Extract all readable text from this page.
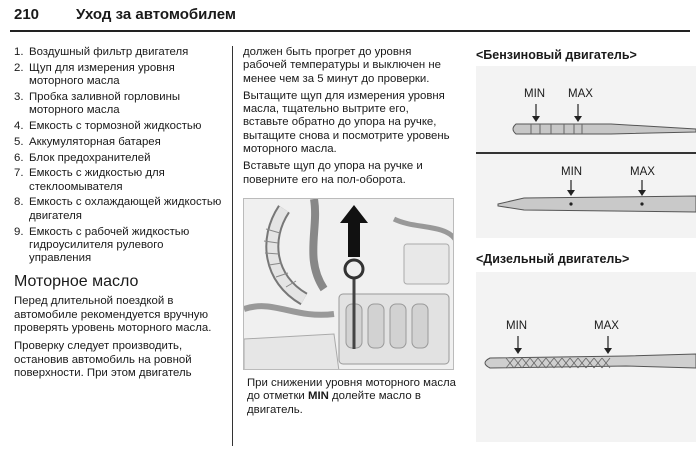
210 Уход за автомобилем
1. Воздушный фильтр двигателя
2. Щуп для измерения уровня моторного масла
3. Пробка заливной горловины моторного масла
4. Емкость с тормозной жидкостью
5. Аккумуляторная батарея
6. Блок предохранителей
7. Емкость с жидкостью для стеклоомывателя
8. Емкость с охлаждающей жидкостью двигателя
9. Емкость с рабочей жидкостью гидроусилителя рулевого управления
Моторное масло

Перед длительной поездкой в автомобиле рекомендуется вручную проверять уровень моторного масла.

Проверку следует производить, остановив автомобиль на ровной поверхности. При этом двигатель

должен быть прогрет до уровня рабочей температуры и выключен не менее чем за 5 минут до проверки.

Вытащите щуп для измерения уровня масла, тщательно вытрите его, вставьте обратно до упора на ручке, вытащите снова и посмотрите уровень моторного масла.

Вставьте щуп до упора на ручке и поверните его на пол-оборота.

При снижении уровня моторного масла до отметки MIN долейте масло в двигатель.

<Бензиновый двигатель>
MIN MAX
MIN	MAX
<Дизельный двигатель>
MIN	MAX
